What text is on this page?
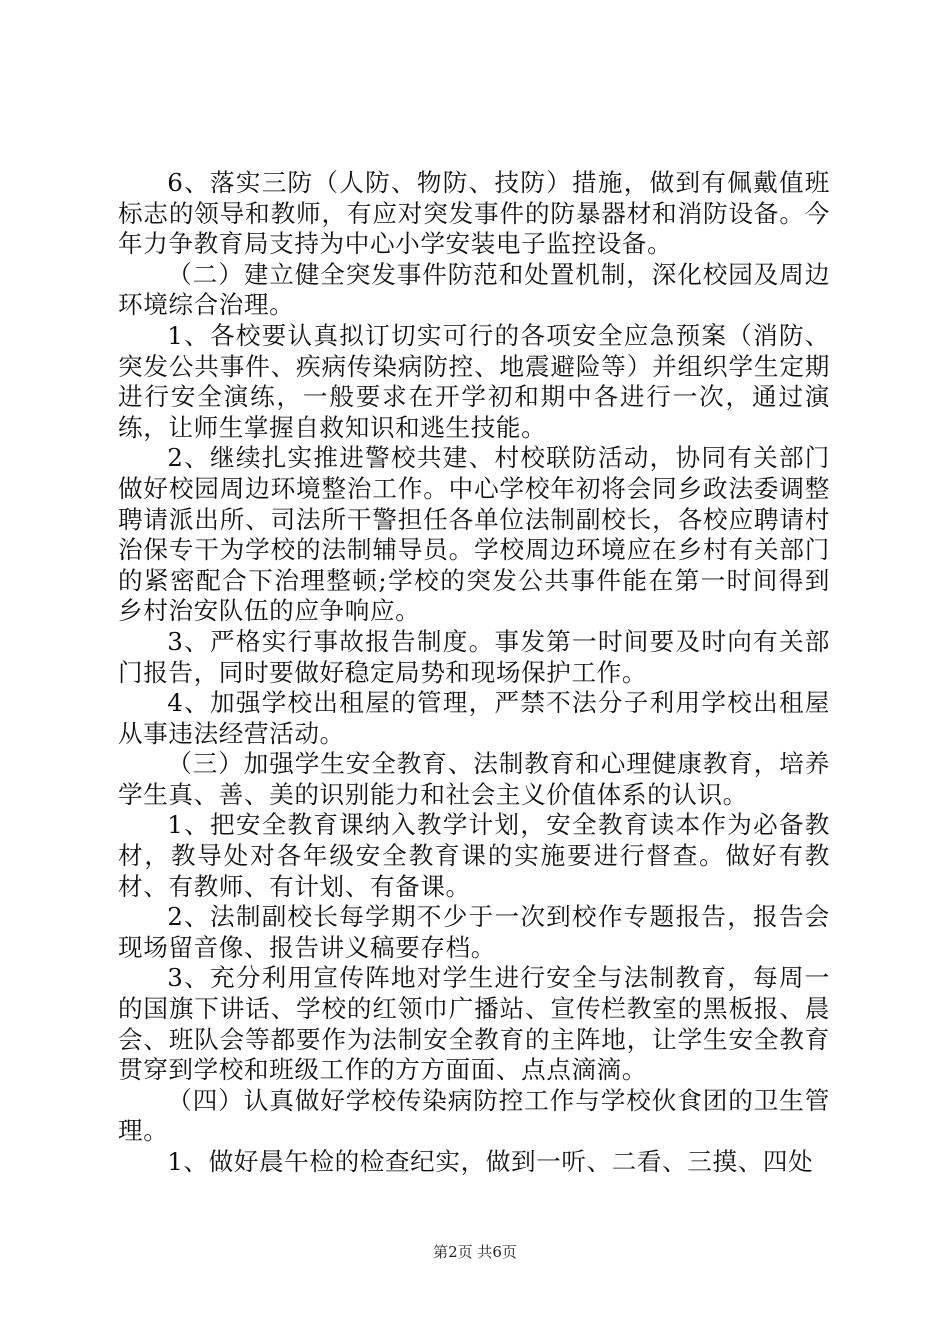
6、落实三防（人防、物防、技防）措施，做到有佩戴值班标志的领导和教师，有应对突发事件的防暴器材和消防设备。今年力争教育局支持为中心小学安装电子监控设备。

（二）建立健全突发事件防范和处置机制，深化校园及周边环境综合治理。

1、各校要认真拟订切实可行的各项安全应急预案（消防、突发公共事件、疾病传染病防控、地震避险等）并组织学生定期进行安全演练，一般要求在开学初和期中各进行一次，通过演练，让师生掌握自救知识和逃生技能。

2、继续扎实推进警校共建、村校联防活动，协同有关部门做好校园周边环境整治工作。中心学校年初将会同乡政法委调整聘请派出所、司法所干警担任各单位法制副校长，各校应聘请村治保专干为学校的法制辅导员。学校周边环境应在乡村有关部门的紧密配合下治理整顿;学校的突发公共事件能在第一时间得到乡村治安队伍的应争响应。

3、严格实行事故报告制度。事发第一时间要及时向有关部门报告，同时要做好稳定局势和现场保护工作。

4、加强学校出租屋的管理，严禁不法分子利用学校出租屋从事违法经营活动。

（三）加强学生安全教育、法制教育和心理健康教育，培养学生真、善、美的识别能力和社会主义价值体系的认识。

1、把安全教育课纳入教学计划，安全教育读本作为必备教材，教导处对各年级安全教育课的实施要进行督查。做好有教材、有教师、有计划、有备课。

2、法制副校长每学期不少于一次到校作专题报告，报告会现场留音像、报告讲义稿要存档。

3、充分利用宣传阵地对学生进行安全与法制教育，每周一的国旗下讲话、学校的红领巾广播站、宣传栏教室的黑板报、晨会、班队会等都要作为法制安全教育的主阵地，让学生安全教育贯穿到学校和班级工作的方方面面、点点滴滴。

（四）认真做好学校传染病防控工作与学校伙食团的卫生管理。

1、做好晨午检的检查纪实，做到一听、二看、三摸、四处

第2页 共6页
